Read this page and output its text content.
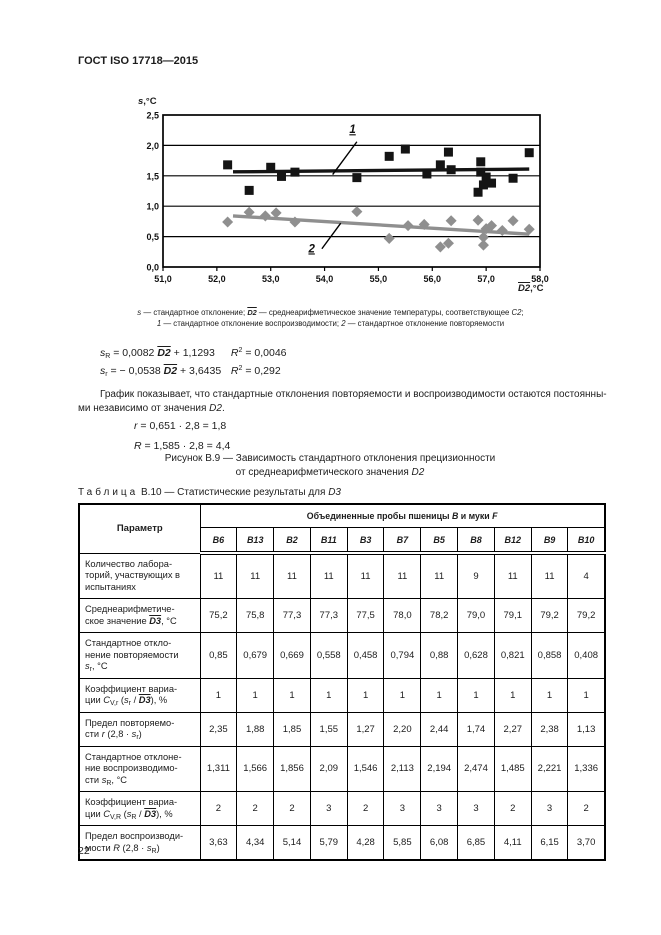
ГОСТ ISO 17718—2015
51,0	52,0	53,0	54,0	55,0	56,0	57,0	58,0
0,0
0,5
1,0
1,5
2,0
2,5
1
2
s,°С
D2,°С
s — стандартное отклонение; D2 — среднеарифметическое значение температуры, соответствующее С2;
1 — стандартное отклонение воспроизводимости; 2 — стандартное отклонение повторяемости
$s_R = 0,0082$ D2 + 1,1293 $R^2 = 0,0046$
$s_r$ = − 0,0538 D2 + 3,6435 $R^2 = 0,292$
График показывает, что стандартные отклонения повторяемости и воспроизводимости остаются постоянны-
ми независимо от значения D2.
r = 0,651 · 2,8 = 1,8
R = 1,585 · 2,8 = 4,4
Рисунок В.9 — Зависимость стандартного отклонения прецизионности
от среднеарифметического значения D2
Таблица В.10 — Статистические результаты для D3
Параметр	Объединенные пробы пшеницы В и муки F										
	В6	В13	В2	В11	В3	В7	В5	В8	В12	В9	В10
Количество лабора-
торий, участвующих в
испытаниях	11	11	11	11	11	11	11	9	11	11	4
Среднеарифметиче-
ское значение D3, °С	75,2	75,8	77,3	77,3	77,5	78,0	78,2	79,0	79,1	79,2	79,2
Стандартное откло-
нение повторяемости
$s_r$, °С	0,85	0,679	0,669	0,558	0,458	0,794	0,88	0,628	0,821	0,858	0,408
Коэффициент вариа-
ции $C_{V,r}$ $(s_r / D3)$, %	1	1	1	1	1	1	1	1	1	1	1
Предел повторяемо-
сти r $(2,8 \cdot s_r)$	2,35	1,88	1,85	1,55	1,27	2,20	2,44	1,74	2,27	2,38	1,13
Стандартное отклоне-
ние воспроизводимо-
сти $s_R$, °С	1,311	1,566	1,856	2,09	1,546	2,113	2,194	2,474	1,485	2,221	1,336
Коэффициент вариа-
ции $C_{V,R}$ $(s_R / D3)$, %	2	2	2	3	2	3	3	3	2	3	2
Предел воспроизводи-
мости R $(2,8 \cdot s_R)$	3,63	4,34	5,14	5,79	4,28	5,85	6,08	6,85	4,11	6,15	3,70
22
